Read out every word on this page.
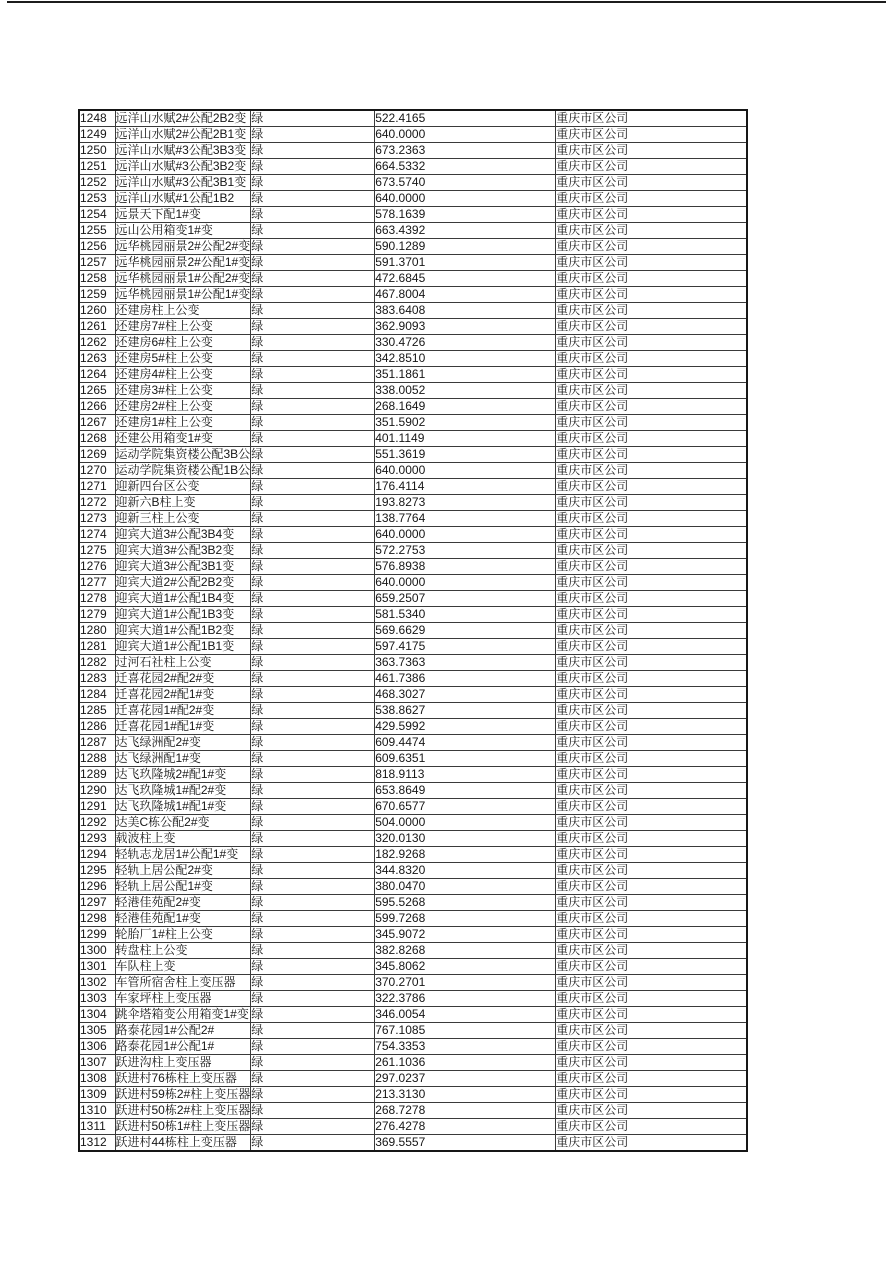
1248	远洋山水赋2#公配2B2变	绿	522.4165	重庆市区公司
1249	远洋山水赋2#公配2B1变	绿	640.0000	重庆市区公司
1250	远洋山水赋#3公配3B3变	绿	673.2363	重庆市区公司
1251	远洋山水赋#3公配3B2变	绿	664.5332	重庆市区公司
1252	远洋山水赋#3公配3B1变	绿	673.5740	重庆市区公司
1253	远洋山水赋#1公配1B2	绿	640.0000	重庆市区公司
1254	远景天下配1#变	绿	578.1639	重庆市区公司
1255	远山公用箱变1#变	绿	663.4392	重庆市区公司
1256	远华桃园丽景2#公配2#变	绿	590.1289	重庆市区公司
1257	远华桃园丽景2#公配1#变	绿	591.3701	重庆市区公司
1258	远华桃园丽景1#公配2#变	绿	472.6845	重庆市区公司
1259	远华桃园丽景1#公配1#变	绿	467.8004	重庆市区公司
1260	还建房柱上公变	绿	383.6408	重庆市区公司
1261	还建房7#柱上公变	绿	362.9093	重庆市区公司
1262	还建房6#柱上公变	绿	330.4726	重庆市区公司
1263	还建房5#柱上公变	绿	342.8510	重庆市区公司
1264	还建房4#柱上公变	绿	351.1861	重庆市区公司
1265	还建房3#柱上公变	绿	338.0052	重庆市区公司
1266	还建房2#柱上公变	绿	268.1649	重庆市区公司
1267	还建房1#柱上公变	绿	351.5902	重庆市区公司
1268	还建公用箱变1#变	绿	401.1149	重庆市区公司
1269	运动学院集资楼公配3B公	绿	551.3619	重庆市区公司
1270	运动学院集资楼公配1B公	绿	640.0000	重庆市区公司
1271	迎新四台区公变	绿	176.4114	重庆市区公司
1272	迎新六B柱上变	绿	193.8273	重庆市区公司
1273	迎新三柱上公变	绿	138.7764	重庆市区公司
1274	迎宾大道3#公配3B4变	绿	640.0000	重庆市区公司
1275	迎宾大道3#公配3B2变	绿	572.2753	重庆市区公司
1276	迎宾大道3#公配3B1变	绿	576.8938	重庆市区公司
1277	迎宾大道2#公配2B2变	绿	640.0000	重庆市区公司
1278	迎宾大道1#公配1B4变	绿	659.2507	重庆市区公司
1279	迎宾大道1#公配1B3变	绿	581.5340	重庆市区公司
1280	迎宾大道1#公配1B2变	绿	569.6629	重庆市区公司
1281	迎宾大道1#公配1B1变	绿	597.4175	重庆市区公司
1282	过河石社柱上公变	绿	363.7363	重庆市区公司
1283	迁喜花园2#配2#变	绿	461.7386	重庆市区公司
1284	迁喜花园2#配1#变	绿	468.3027	重庆市区公司
1285	迁喜花园1#配2#变	绿	538.8627	重庆市区公司
1286	迁喜花园1#配1#变	绿	429.5992	重庆市区公司
1287	达飞绿洲配2#变	绿	609.4474	重庆市区公司
1288	达飞绿洲配1#变	绿	609.6351	重庆市区公司
1289	达飞玖隆城2#配1#变	绿	818.9113	重庆市区公司
1290	达飞玖隆城1#配2#变	绿	653.8649	重庆市区公司
1291	达飞玖隆城1#配1#变	绿	670.6577	重庆市区公司
1292	达美C栋公配2#变	绿	504.0000	重庆市区公司
1293	载波柱上变	绿	320.0130	重庆市区公司
1294	轻轨志龙居1#公配1#变	绿	182.9268	重庆市区公司
1295	轻轨上居公配2#变	绿	344.8320	重庆市区公司
1296	轻轨上居公配1#变	绿	380.0470	重庆市区公司
1297	轻港佳苑配2#变	绿	595.5268	重庆市区公司
1298	轻港佳苑配1#变	绿	599.7268	重庆市区公司
1299	轮胎厂1#柱上公变	绿	345.9072	重庆市区公司
1300	转盘柱上公变	绿	382.8268	重庆市区公司
1301	车队柱上变	绿	345.8062	重庆市区公司
1302	车管所宿舍柱上变压器	绿	370.2701	重庆市区公司
1303	车家坪柱上变压器	绿	322.3786	重庆市区公司
1304	跳伞塔箱变公用箱变1#变	绿	346.0054	重庆市区公司
1305	路泰花园1#公配2#	绿	767.1085	重庆市区公司
1306	路泰花园1#公配1#	绿	754.3353	重庆市区公司
1307	跃进沟柱上变压器	绿	261.1036	重庆市区公司
1308	跃进村76栋柱上变压器	绿	297.0237	重庆市区公司
1309	跃进村59栋2#柱上变压器	绿	213.3130	重庆市区公司
1310	跃进村50栋2#柱上变压器	绿	268.7278	重庆市区公司
1311	跃进村50栋1#柱上变压器	绿	276.4278	重庆市区公司
1312	跃进村44栋柱上变压器	绿	369.5557	重庆市区公司
